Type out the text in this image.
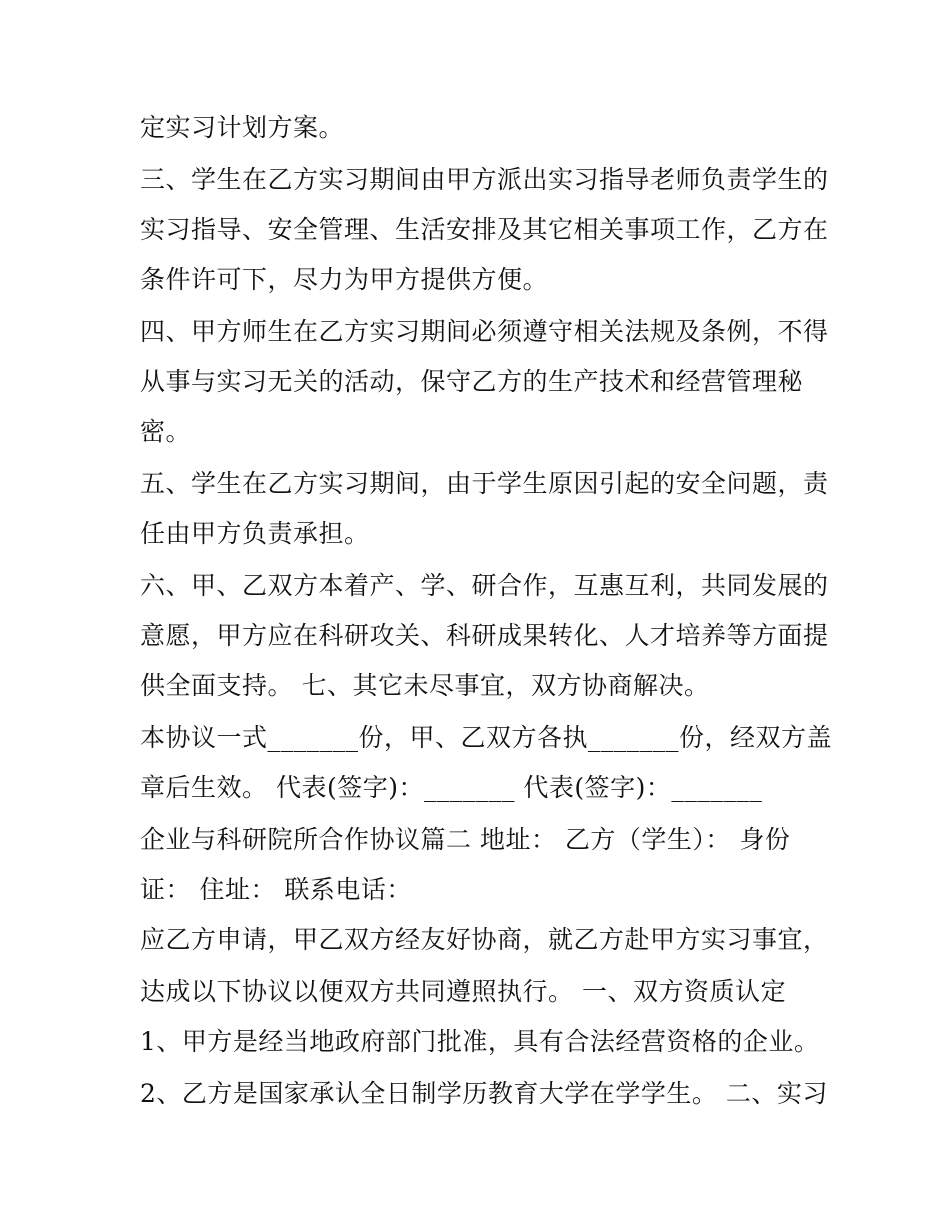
定实习计划方案。
三、学生在乙方实习期间由甲方派出实习指导老师负责学生的
实习指导、安全管理、生活安排及其它相关事项工作，乙方在
条件许可下，尽力为甲方提供方便。
四、甲方师生在乙方实习期间必须遵守相关法规及条例，不得
从事与实习无关的活动，保守乙方的生产技术和经营管理秘
密。
五、学生在乙方实习期间，由于学生原因引起的安全问题，责
任由甲方负责承担。
六、甲、乙双方本着产、学、研合作，互惠互利，共同发展的
意愿，甲方应在科研攻关、科研成果转化、人才培养等方面提
供全面支持。 七、其它未尽事宜，双方协商解决。
本协议一式_______份，甲、乙双方各执_______份，经双方盖
章后生效。 代表(签字)：_______ 代表(签字)：_______
企业与科研院所合作协议篇二 地址： 乙方（学生）： 身份
证： 住址： 联系电话：
应乙方申请，甲乙双方经友好协商，就乙方赴甲方实习事宜，
达成以下协议以便双方共同遵照执行。 一、双方资质认定
1、甲方是经当地政府部门批准，具有合法经营资格的企业。
2、乙方是国家承认全日制学历教育大学在学学生。 二、实习
